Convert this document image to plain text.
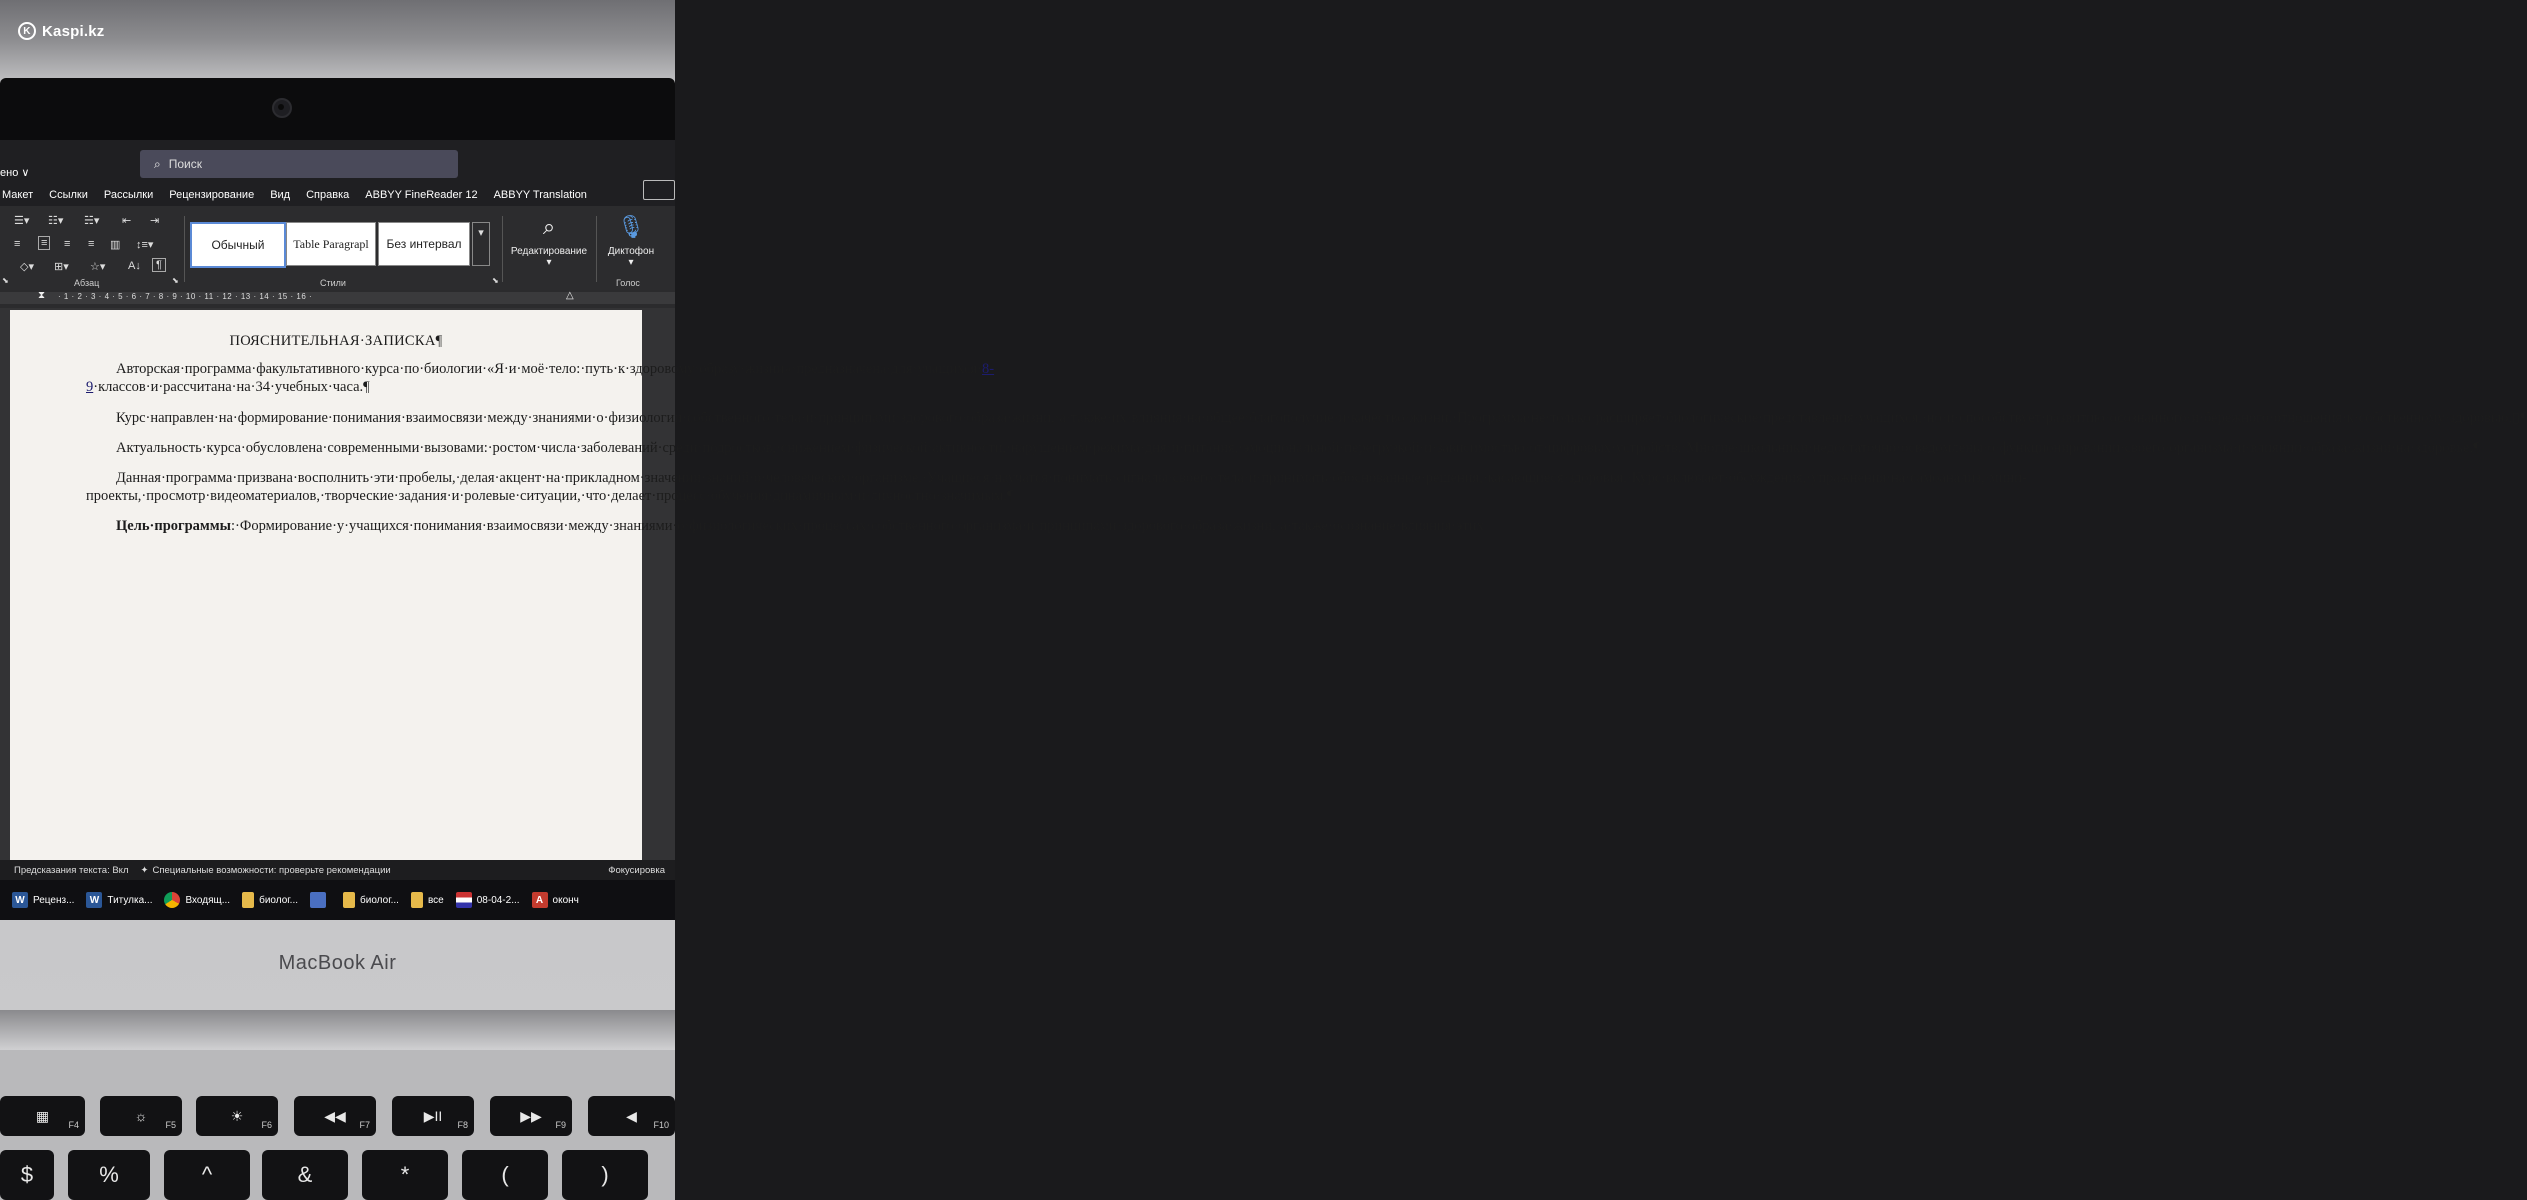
K Kaspi.kz
ено ∨
⌕ Поиск
Макет	Ссылки	Рассылки	Рецензирование	Вид	Справка	ABBYY FineReader 12	ABBYY Translation
☰▾ ☷▾ ☵▾ ⇤ ⇥
≡ ≡ ≡ ≡ ▥ ↕≡▾
◇▾ ⊞▾ ☆▾ A↓	¶
Абзац	⬊
⬊
Обычный Table Paragrapl Без интервал
▾
Стили	⬊
⌕
Редактирование
▾
🎙
Диктофон
▾
Голос
· 1 · 2 · 3 · 4 · 5 · 6 · 7 · 8 · 9 · 10 · 11 · 12 · 13 · 14 · 15 · 16 ·
⧗	△

ПОЯСНИТЕЛЬНАЯ·ЗАПИСКА¶

Авторская·программа·факультативного·курса·по·биологии·«Я·и·моё·тело:·путь·к·здоровому·образу·жизни»·предназначена·для·учащихся·8-9·классов·и·рассчитана·на·34·учебных·часа.¶

Курс·направлен·на·формирование·понимания·взаимосвязи·между·знаниями·о·физиологии·собственного·тела·и·принципами·здорового·образа·жизни,·а·также·их·влияния·на·общее·благополучие·и·качество·жизни.·Программа·не·только·расширяет·биологические·представления·учащихся,·но·и·способствует·развитию·осознанного·и·бережного·отношения·к·собственному·здоровью.▯¶

Актуальность·курса·обусловлена·современными·вызовами:·ростом·числа·заболеваний·среди·подростков,·снижением·физической·активности,·нарушением·режима·дня·и·питания,·эмоциональной·перегрузкой·и·зависимостью·от·цифровых·устройств.·Многие·школьники·недостаточно·осведомлены·о·функционировании·своего·организма·и·влиянии·образа·жизни·на·здоровье.¶

Данная·программа·призвана·восполнить·эти·пробелы,·делая·акцент·на·прикладном·значении·знаний·о·человеческом·организме.·Учащиеся·научатся·понимать·сигналы·своего·тела·и·принимать·обоснованные·решения,·касающиеся·здоровья.·Курс·включает·обсуждения,·упражнения·на·самоанализ,·мини-проекты,·просмотр·видеоматериалов,·творческие·задания·и·ролевые·ситуации,·что·делает·процесс·обучения·динамичным·и·личностно·значимым.¶

Цель·программы:·Формирование·у·учащихся·понимания·взаимосвязи·между·знаниями·о·физиологических·процессах·собственного·организма·и·принципами·здорового·образа·жизни,·а·также·осознание·влияния·этих

Предсказания текста: Вкл ✦ Специальные возможности: проверьте рекомендации	Фокусировка
W Реценз...	W Титулка...	Входящ...	биолог...	биолог...	все	08-04-2...	A оконч
MacBook Air
▦
F4
☼
F5
☀
F6
◀◀
F7
▶II
F8
▶▶
F9
◀
F10
$	%	^	&	*	(	)
